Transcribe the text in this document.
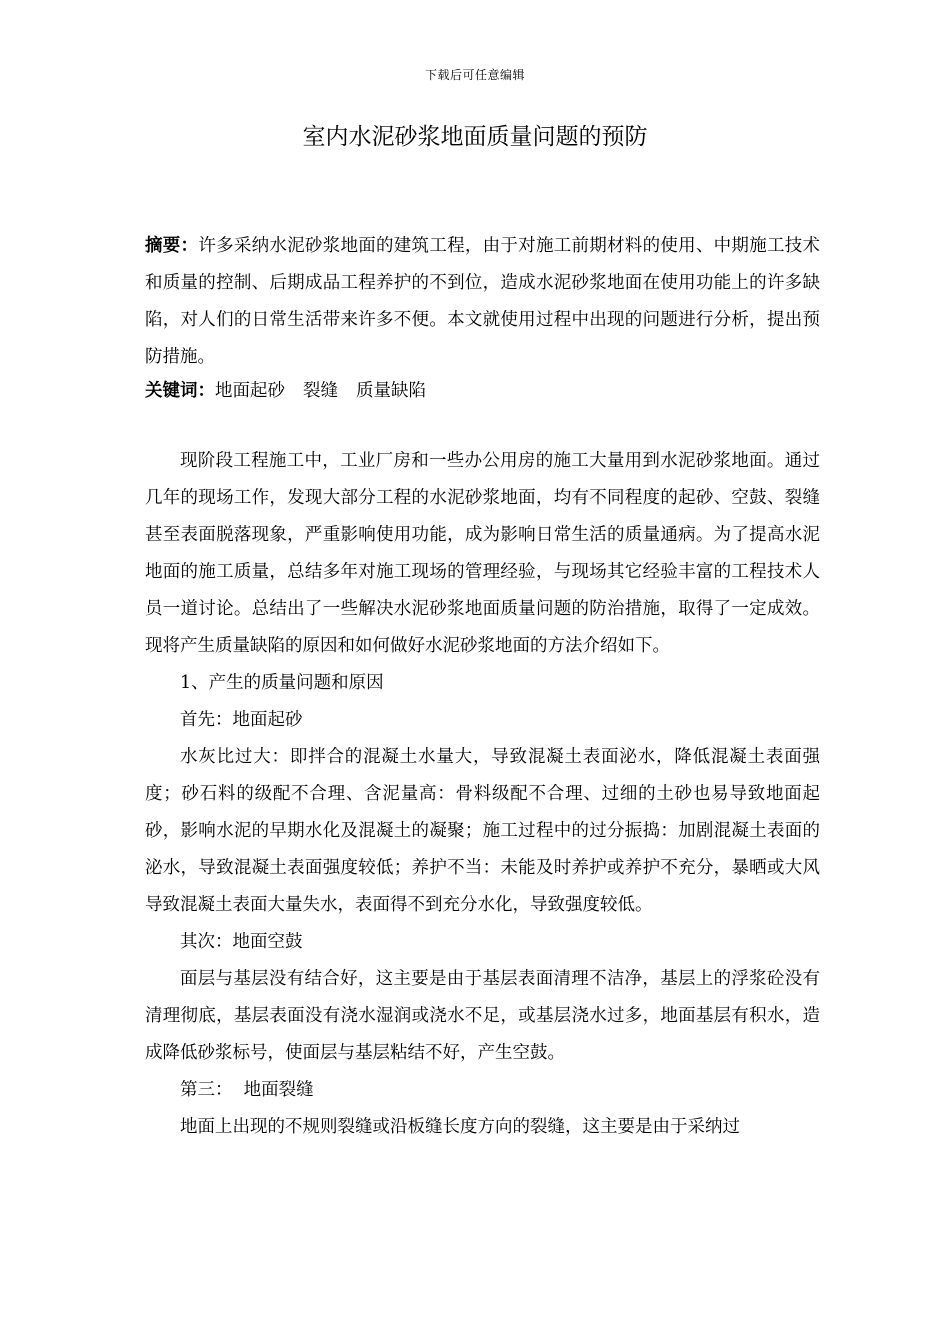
下载后可任意编辑
室内水泥砂浆地面质量问题的预防
摘要：许多采纳水泥砂浆地面的建筑工程，由于对施工前期材料的使用、中期施工技术和质量的控制、后期成品工程养护的不到位，造成水泥砂浆地面在使用功能上的许多缺陷，对人们的日常生活带来许多不便。本文就使用过程中出现的问题进行分析，提出预防措施。
关键词：地面起砂 裂缝 质量缺陷

现阶段工程施工中，工业厂房和一些办公用房的施工大量用到水泥砂浆地面。通过几年的现场工作，发现大部分工程的水泥砂浆地面，均有不同程度的起砂、空鼓、裂缝甚至表面脱落现象，严重影响使用功能，成为影响日常生活的质量通病。为了提高水泥地面的施工质量，总结多年对施工现场的管理经验，与现场其它经验丰富的工程技术人员一道讨论。总结出了一些解决水泥砂浆地面质量问题的防治措施，取得了一定成效。现将产生质量缺陷的原因和如何做好水泥砂浆地面的方法介绍如下。

1、产生的质量问题和原因

首先：地面起砂

水灰比过大：即拌合的混凝土水量大，导致混凝土表面泌水，降低混凝土表面强度；砂石料的级配不合理、含泥量高：骨料级配不合理、过细的土砂也易导致地面起砂，影响水泥的早期水化及混凝土的凝聚；施工过程中的过分振捣：加剧混凝土表面的泌水，导致混凝土表面强度较低；养护不当：未能及时养护或养护不充分，暴晒或大风导致混凝土表面大量失水，表面得不到充分水化，导致强度较低。

其次：地面空鼓

面层与基层没有结合好，这主要是由于基层表面清理不洁净，基层上的浮浆砼没有清理彻底，基层表面没有浇水湿润或浇水不足，或基层浇水过多，地面基层有积水，造成降低砂浆标号，使面层与基层粘结不好，产生空鼓。

第三：  地面裂缝

地面上出现的不规则裂缝或沿板缝长度方向的裂缝，这主要是由于采纳过
